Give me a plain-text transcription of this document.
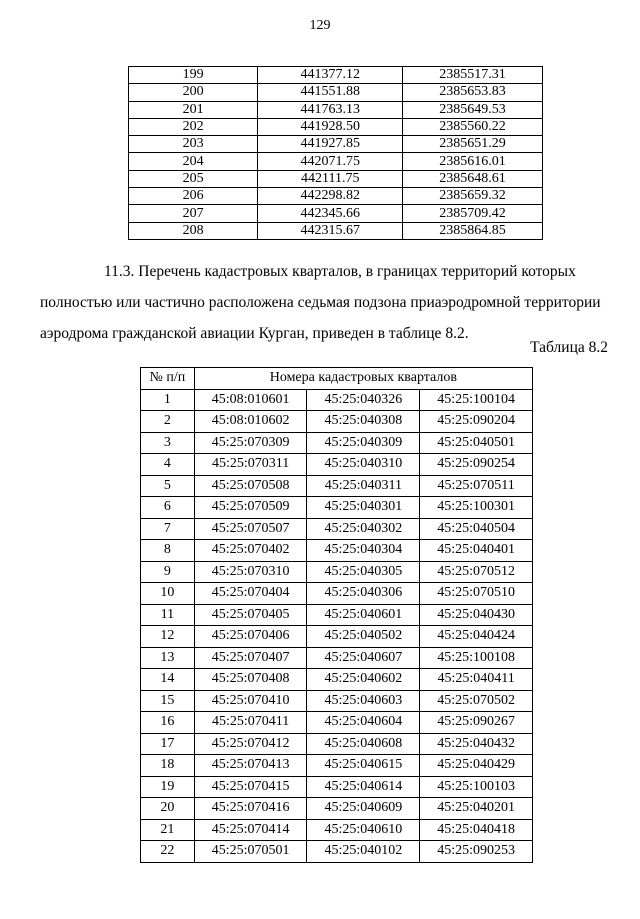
129
199	441377.12	2385517.31
200	441551.88	2385653.83
201	441763.13	2385649.53
202	441928.50	2385560.22
203	441927.85	2385651.29
204	442071.75	2385616.01
205	442111.75	2385648.61
206	442298.82	2385659.32
207	442345.66	2385709.42
208	442315.67	2385864.85

11.3. Перечень кадастровых кварталов, в границах территорий которых

полностью или частично расположена седьмая подзона приаэродромной территории

аэродрома гражданской авиации Курган, приведен в таблице 8.2.

Таблица 8.2
№ п/п	Номера кадастровых кварталов		
1	45:08:010601	45:25:040326	45:25:100104
2	45:08:010602	45:25:040308	45:25:090204
3	45:25:070309	45:25:040309	45:25:040501
4	45:25:070311	45:25:040310	45:25:090254
5	45:25:070508	45:25:040311	45:25:070511
6	45:25:070509	45:25:040301	45:25:100301
7	45:25:070507	45:25:040302	45:25:040504
8	45:25:070402	45:25:040304	45:25:040401
9	45:25:070310	45:25:040305	45:25:070512
10	45:25:070404	45:25:040306	45:25:070510
11	45:25:070405	45:25:040601	45:25:040430
12	45:25:070406	45:25:040502	45:25:040424
13	45:25:070407	45:25:040607	45:25:100108
14	45:25:070408	45:25:040602	45:25:040411
15	45:25:070410	45:25:040603	45:25:070502
16	45:25:070411	45:25:040604	45:25:090267
17	45:25:070412	45:25:040608	45:25:040432
18	45:25:070413	45:25:040615	45:25:040429
19	45:25:070415	45:25:040614	45:25:100103
20	45:25:070416	45:25:040609	45:25:040201
21	45:25:070414	45:25:040610	45:25:040418
22	45:25:070501	45:25:040102	45:25:090253
